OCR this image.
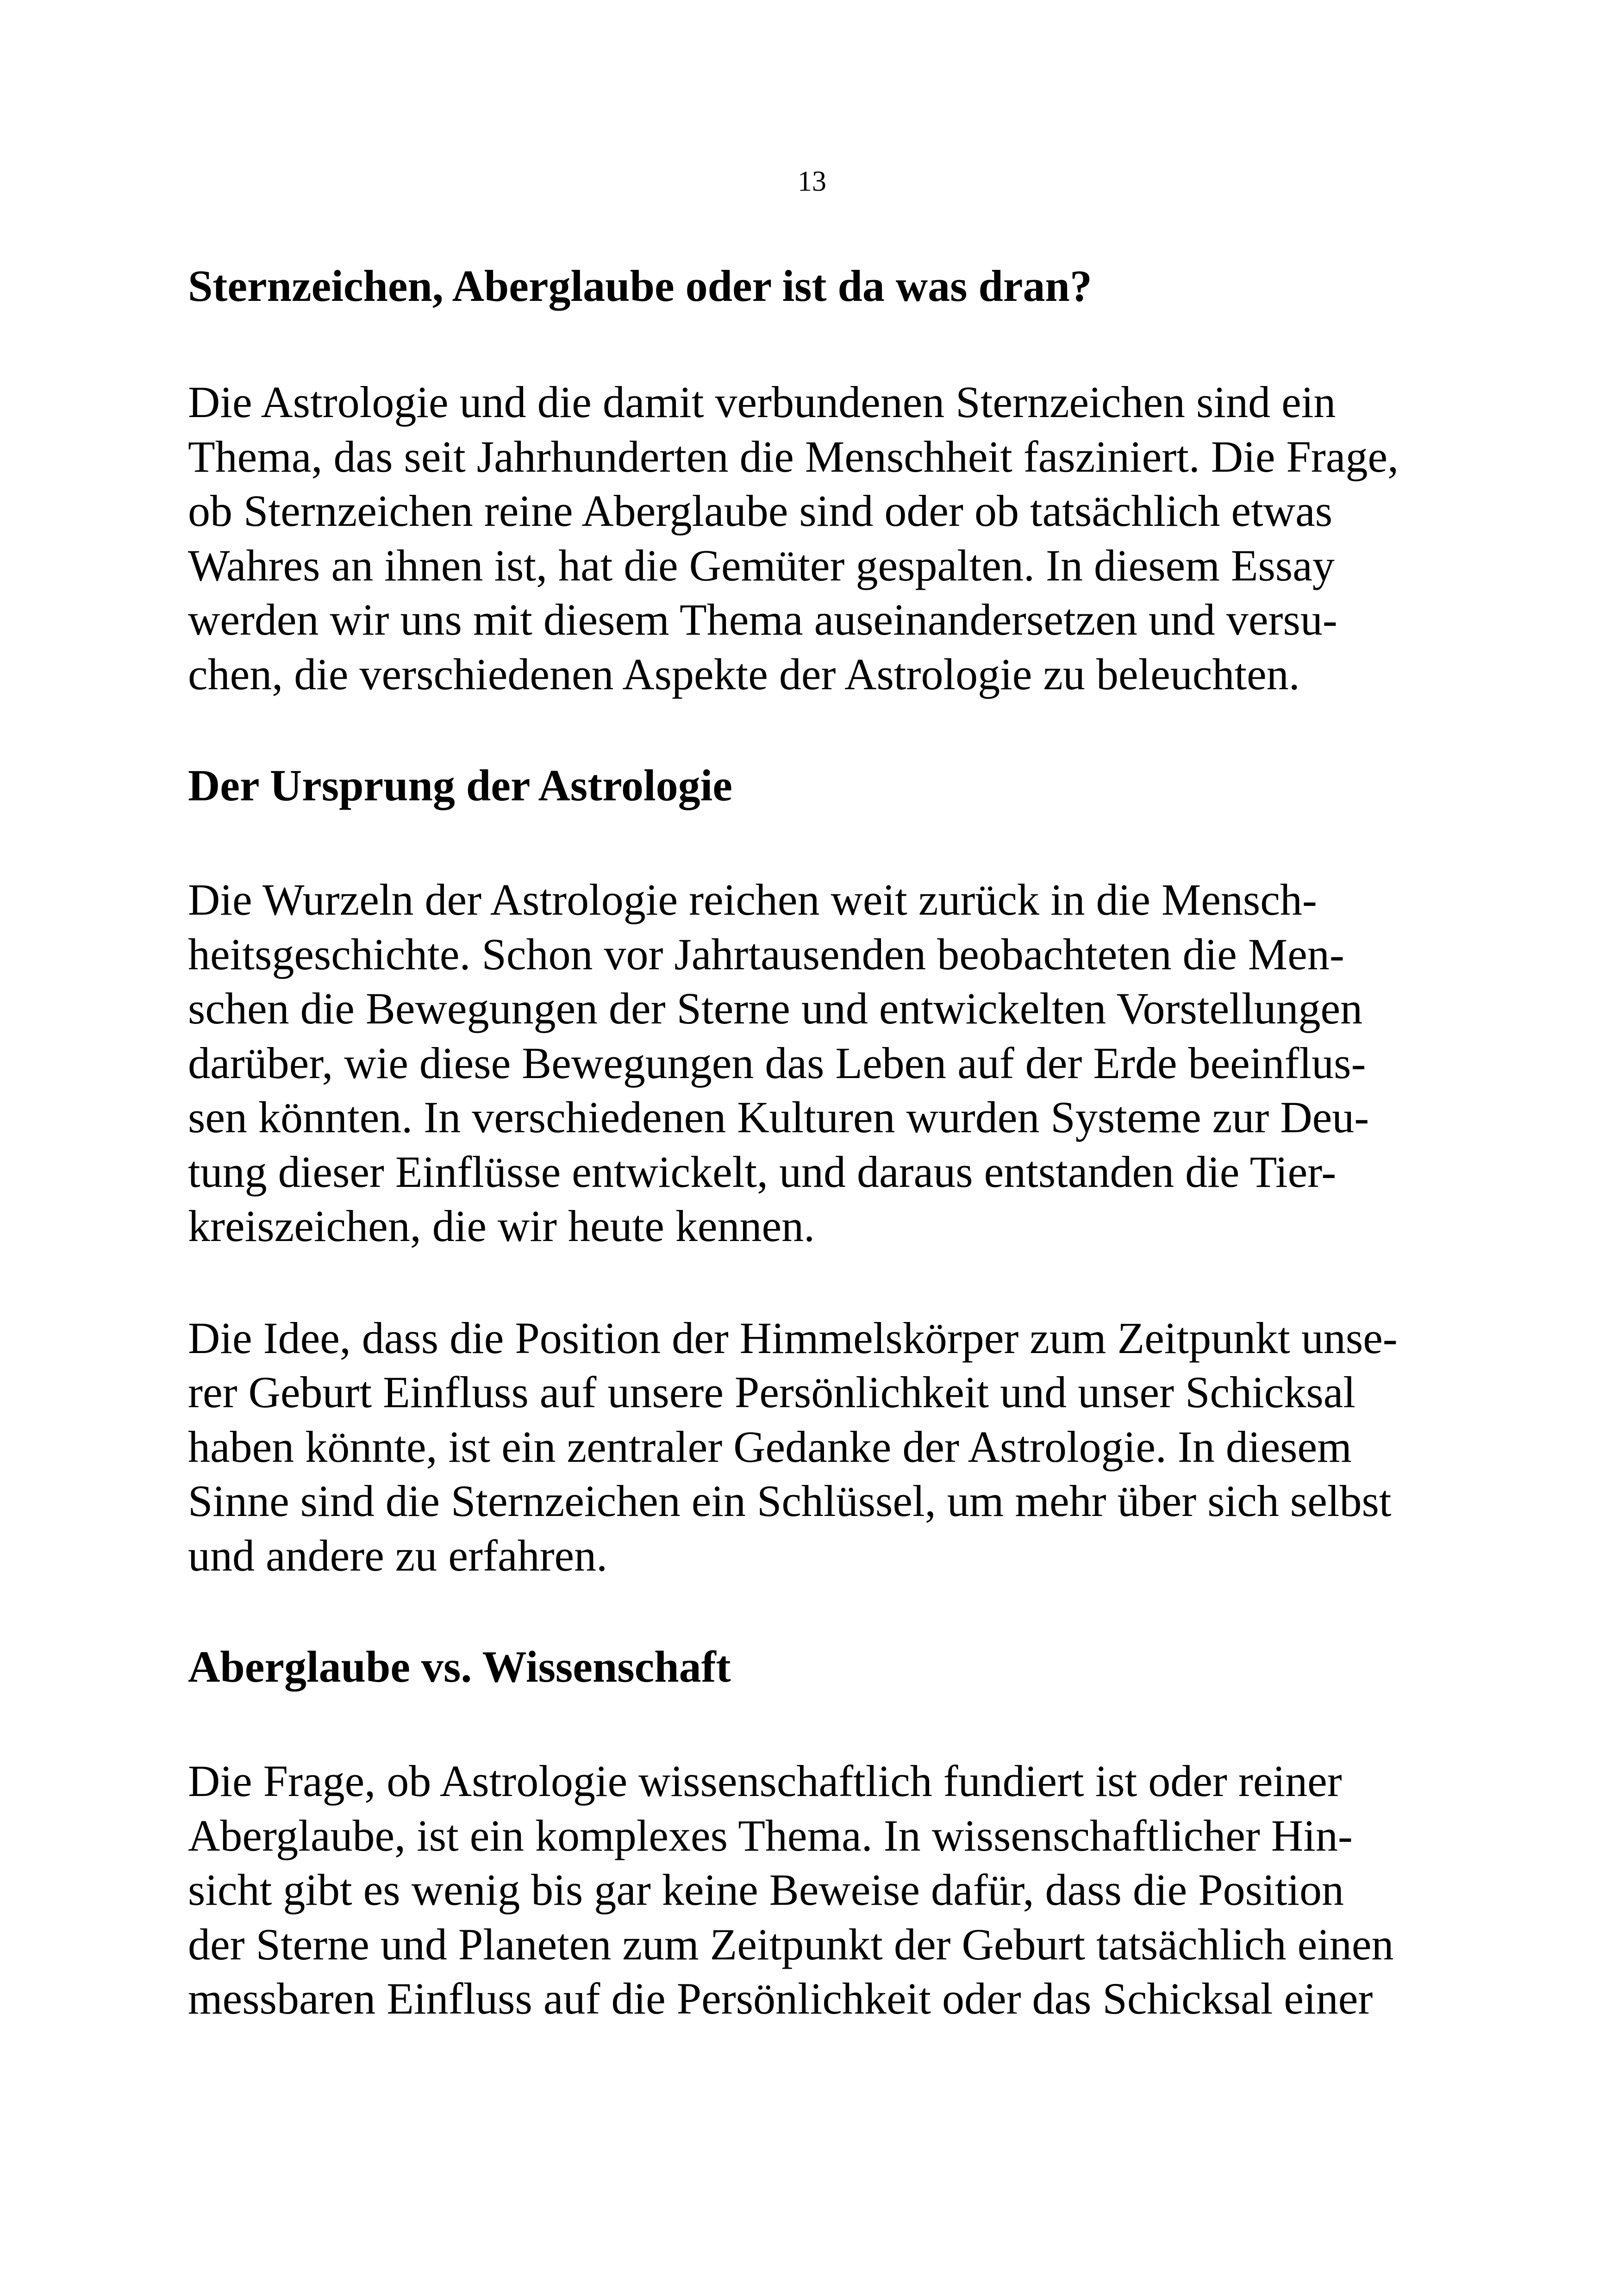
13
Sternzeichen, Aberglaube oder ist da was dran?

Die Astrologie und die damit verbundenen Sternzeichen sind ein
Thema, das seit Jahrhunderten die Menschheit fasziniert. Die Frage,
ob Sternzeichen reine Aberglaube sind oder ob tatsächlich etwas
Wahres an ihnen ist, hat die Gemüter gespalten. In diesem Essay
werden wir uns mit diesem Thema auseinandersetzen und versu-
chen, die verschiedenen Aspekte der Astrologie zu beleuchten.

Der Ursprung der Astrologie

Die Wurzeln der Astrologie reichen weit zurück in die Mensch-
heitsgeschichte. Schon vor Jahrtausenden beobachteten die Men-
schen die Bewegungen der Sterne und entwickelten Vorstellungen
darüber, wie diese Bewegungen das Leben auf der Erde beeinflus-
sen könnten. In verschiedenen Kulturen wurden Systeme zur Deu-
tung dieser Einflüsse entwickelt, und daraus entstanden die Tier-
kreiszeichen, die wir heute kennen.

Die Idee, dass die Position der Himmelskörper zum Zeitpunkt unse-
rer Geburt Einfluss auf unsere Persönlichkeit und unser Schicksal
haben könnte, ist ein zentraler Gedanke der Astrologie. In diesem
Sinne sind die Sternzeichen ein Schlüssel, um mehr über sich selbst
und andere zu erfahren.

Aberglaube vs. Wissenschaft

Die Frage, ob Astrologie wissenschaftlich fundiert ist oder reiner
Aberglaube, ist ein komplexes Thema. In wissenschaftlicher Hin-
sicht gibt es wenig bis gar keine Beweise dafür, dass die Position
der Sterne und Planeten zum Zeitpunkt der Geburt tatsächlich einen
messbaren Einfluss auf die Persönlichkeit oder das Schicksal einer
